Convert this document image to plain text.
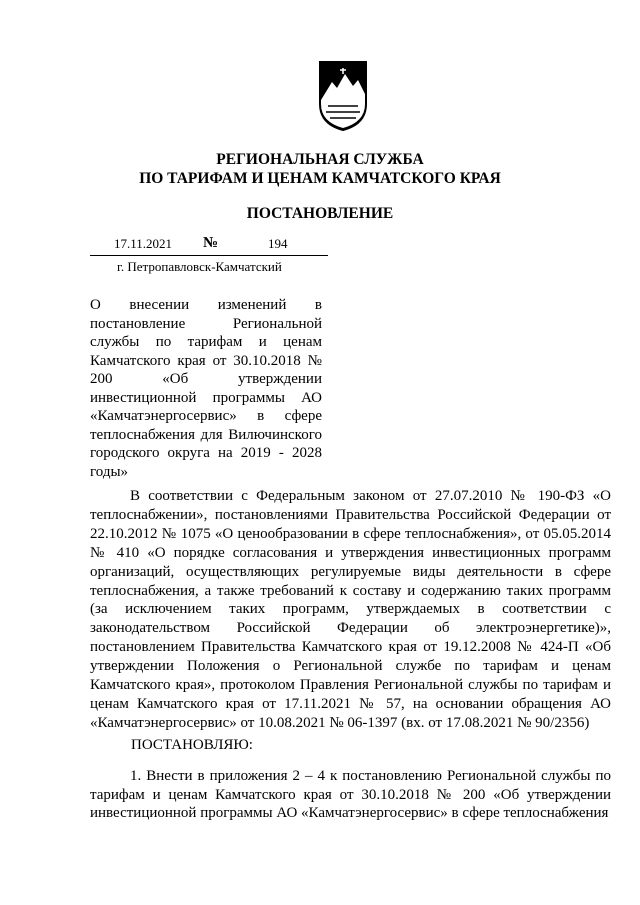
РЕГИОНАЛЬНАЯ СЛУЖБА
ПО ТАРИФАМ И ЦЕНАМ КАМЧАТСКОГО КРАЯ
ПОСТАНОВЛЕНИЕ
17.11.2021 №	194
г. Петропавловск-Камчатский
О внесении изменений в постановление Региональной службы по тарифам и ценам Камчатского края от 30.10.2018 № 200 «Об утверждении инвестиционной программы АО «Камчатэнергосервис» в сфере теплоснабжения для Вилючинского городского округа на 2019 - 2028 годы»

В соответствии с Федеральным законом от 27.07.2010 № 190-ФЗ «О теплоснабжении», постановлениями Правительства Российской Федерации от 22.10.2012 № 1075 «О ценообразовании в сфере теплоснабжения», от 05.05.2014 № 410 «О порядке согласования и утверждения инвестиционных программ организаций, осуществляющих регулируемые виды деятельности в сфере теплоснабжения, а также требований к составу и содержанию таких программ (за исключением таких программ, утверждаемых в соответствии с законодательством Российской Федерации об электроэнергетике)», постановлением Правительства Камчатского края от 19.12.2008 № 424-П «Об утверждении Положения о Региональной службе по тарифам и ценам Камчатского края», протоколом Правления Региональной службы по тарифам и ценам Камчатского края от 17.11.2021 № 57, на основании обращения АО «Камчатэнергосервис» от 10.08.2021 № 06-1397 (вх. от 17.08.2021 № 90/2356)

ПОСТАНОВЛЯЮ:

1. Внести в приложения 2 – 4 к постановлению Региональной службы по тарифам и ценам Камчатского края от 30.10.2018 № 200 «Об утверждении инвестиционной программы АО «Камчатэнергосервис» в сфере теплоснабжения
